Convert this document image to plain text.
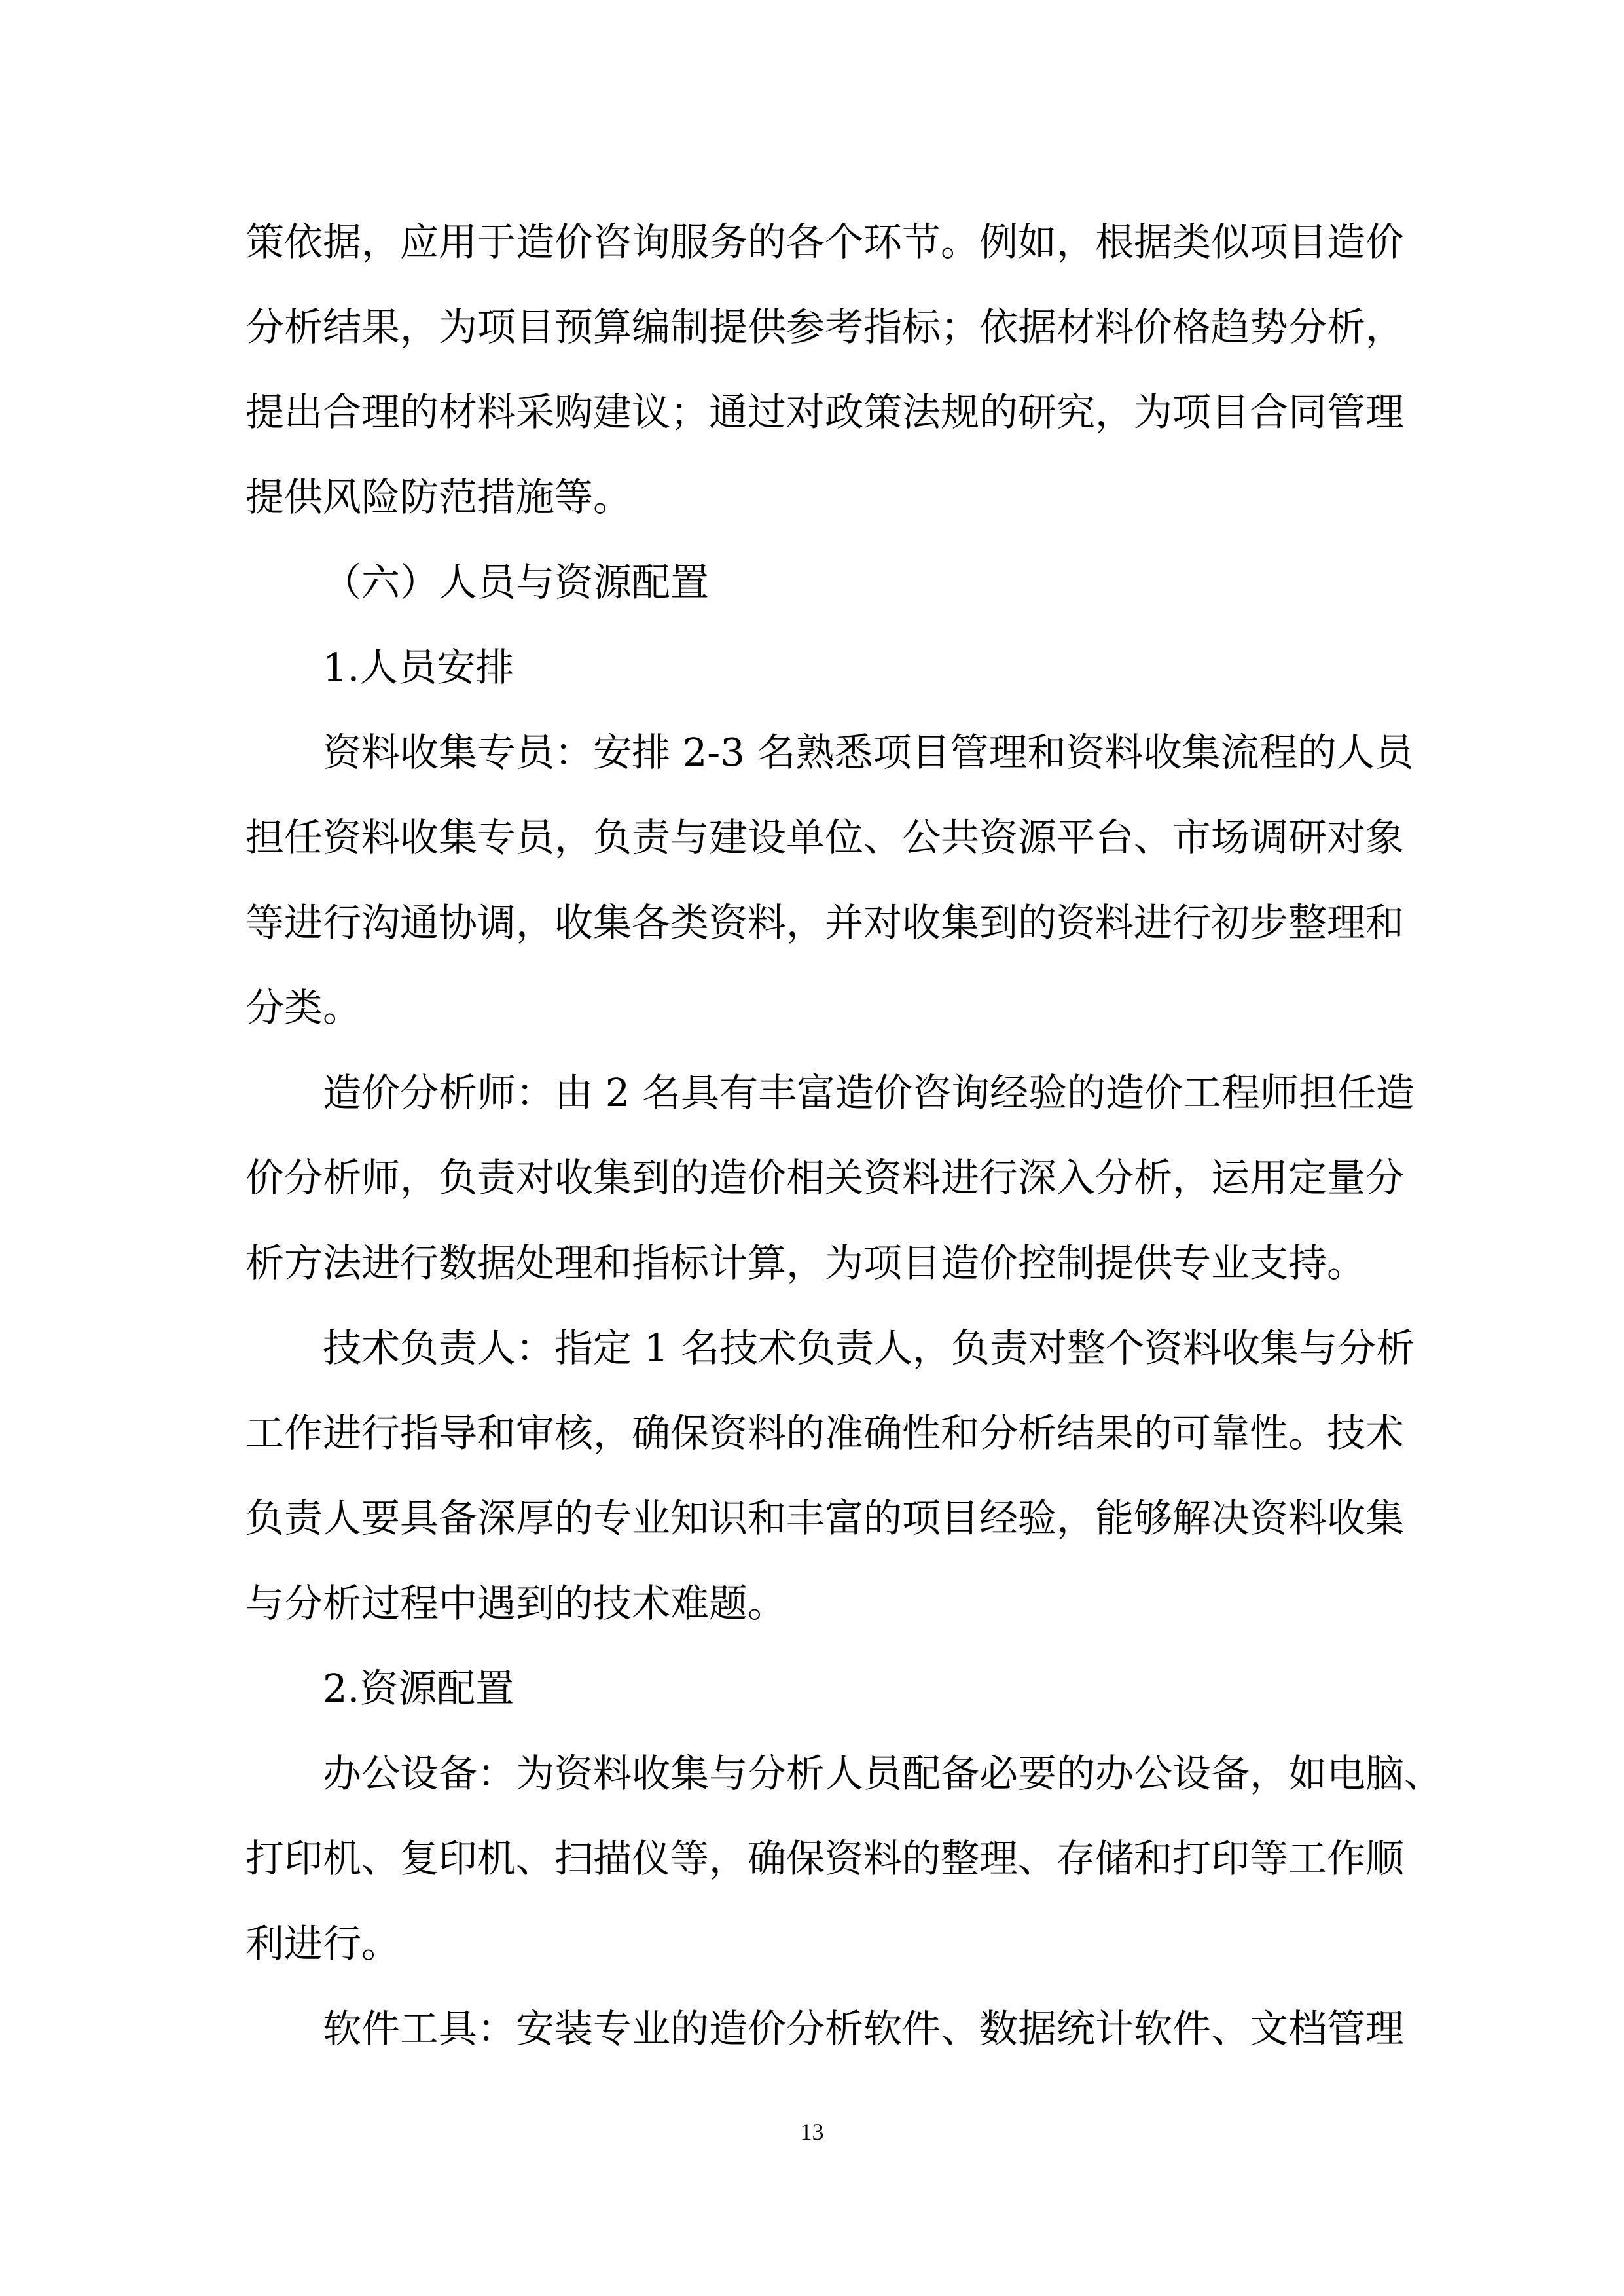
策依据，应用于造价咨询服务的各个环节。例如，根据类似项目造价
分析结果，为项目预算编制提供参考指标；依据材料价格趋势分析，
提出合理的材料采购建议；通过对政策法规的研究，为项目合同管理
提供风险防范措施等。
（六）人员与资源配置
1.人员安排
资料收集专员：安排 2-3 名熟悉项目管理和资料收集流程的人员
担任资料收集专员，负责与建设单位、公共资源平台、市场调研对象
等进行沟通协调，收集各类资料，并对收集到的资料进行初步整理和
分类。
造价分析师：由 2 名具有丰富造价咨询经验的造价工程师担任造
价分析师，负责对收集到的造价相关资料进行深入分析，运用定量分
析方法进行数据处理和指标计算，为项目造价控制提供专业支持。
技术负责人：指定 1 名技术负责人，负责对整个资料收集与分析
工作进行指导和审核，确保资料的准确性和分析结果的可靠性。技术
负责人要具备深厚的专业知识和丰富的项目经验，能够解决资料收集
与分析过程中遇到的技术难题。
2.资源配置
办公设备：为资料收集与分析人员配备必要的办公设备，如电脑、
打印机、复印机、扫描仪等，确保资料的整理、存储和打印等工作顺
利进行。
软件工具：安装专业的造价分析软件、数据统计软件、文档管理
13
